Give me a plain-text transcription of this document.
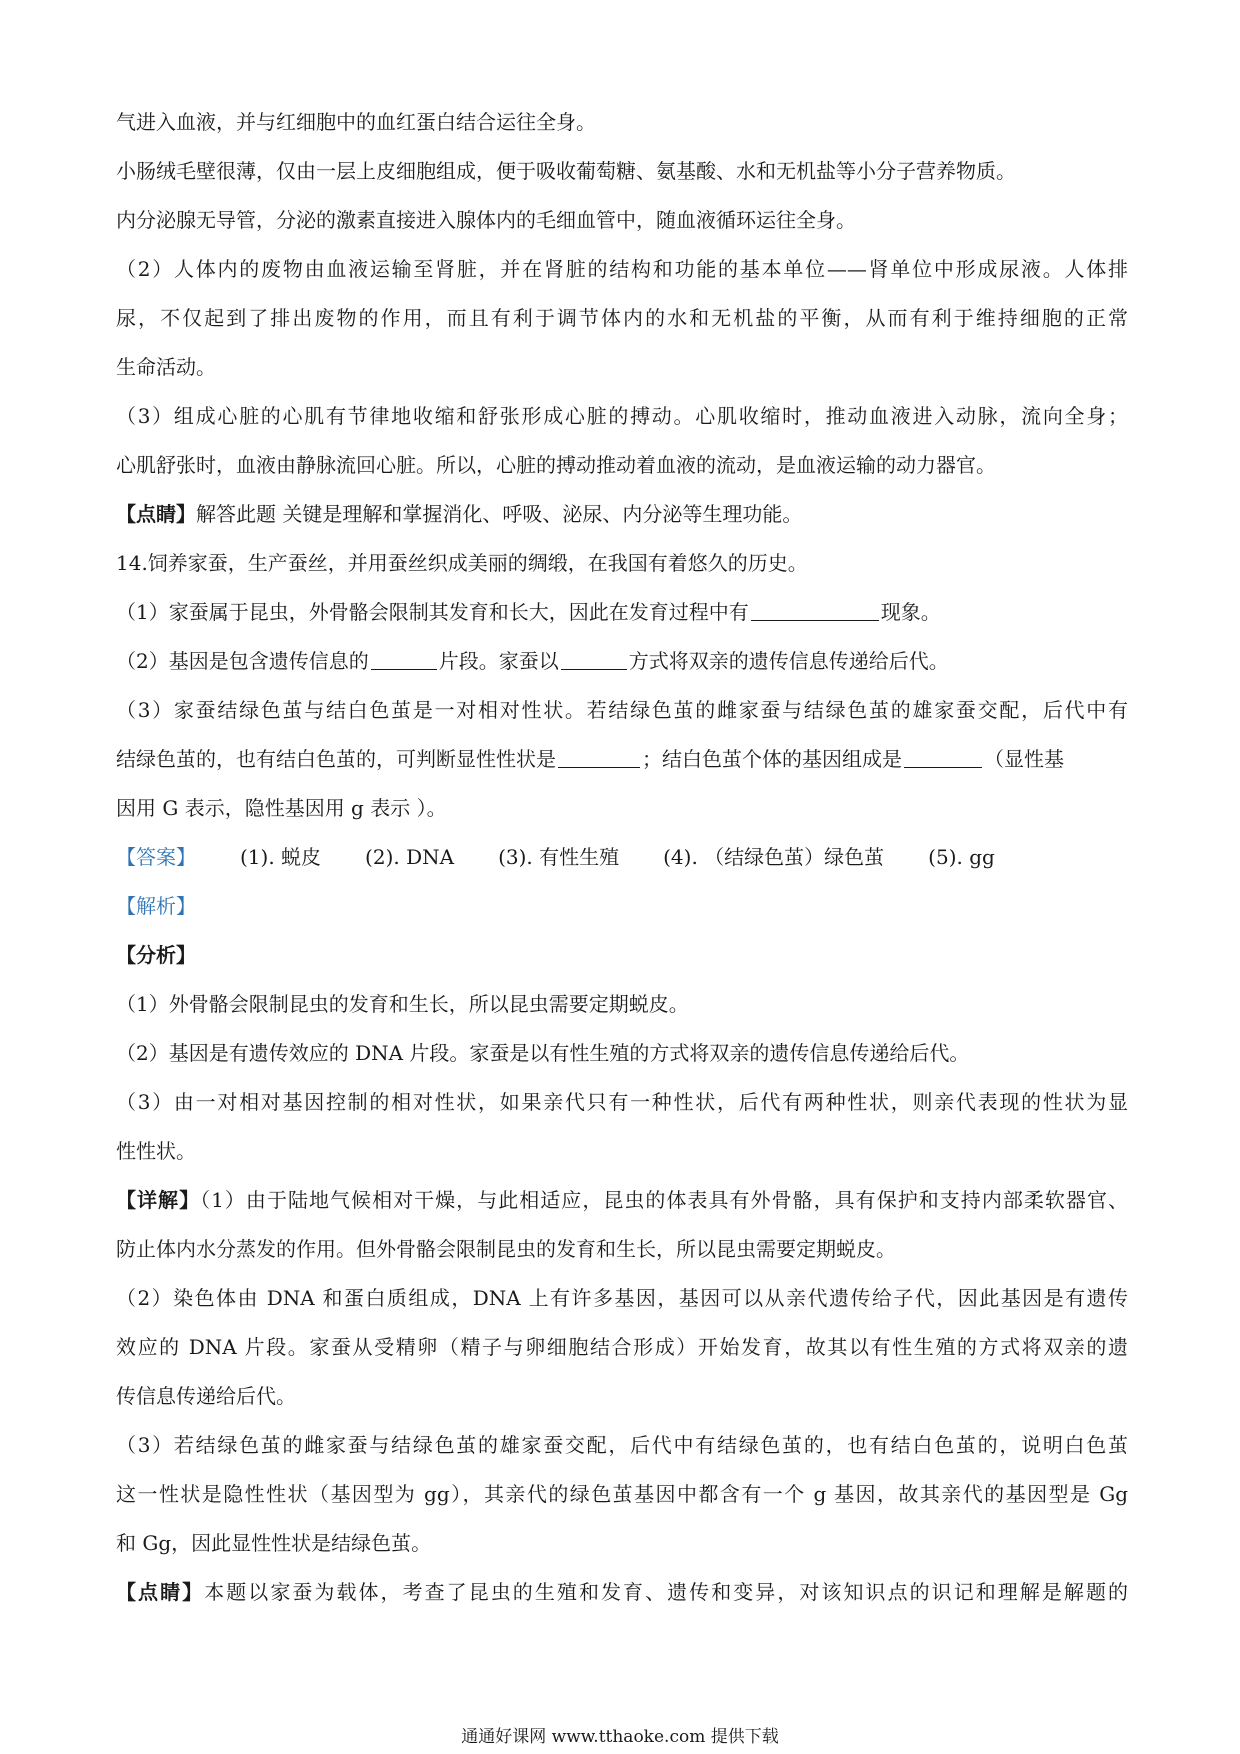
气进入血液，并与红细胞中的血红蛋白结合运往全身。
小肠绒毛壁很薄，仅由一层上皮细胞组成，便于吸收葡萄糖、氨基酸、水和无机盐等小分子营养物质。
内分泌腺无导管，分泌的激素直接进入腺体内的毛细血管中，随血液循环运往全身。
（2）人体内的废物由血液运输至肾脏，并在肾脏的结构和功能的基本单位——肾单位中形成尿液。人体排
尿，不仅起到了排出废物的作用，而且有利于调节体内的水和无机盐的平衡，从而有利于维持细胞的正常
生命活动。
（3）组成心脏的心肌有节律地收缩和舒张形成心脏的搏动。心肌收缩时，推动血液进入动脉，流向全身；
心肌舒张时，血液由静脉流回心脏。所以，心脏的搏动推动着血液的流动，是血液运输的动力器官。
【点睛】解答此题 关键是理解和掌握消化、呼吸、泌尿、内分泌等生理功能。
14.饲养家蚕，生产蚕丝，并用蚕丝织成美丽的绸缎，在我国有着悠久的历史。
（1）家蚕属于昆虫，外骨骼会限制其发育和长大，因此在发育过程中有	现象。
（2）基因是包含遗传信息的	片段。家蚕以	方式将双亲的遗传信息传递给后代。
（3）家蚕结绿色茧与结白色茧是一对相对性状。若结绿色茧的雌家蚕与结绿色茧的雄家蚕交配，后代中有
结绿色茧的，也有结白色茧的，可判断显性性状是	；结白色茧个体的基因组成是	（显性基
因用 G 表示，隐性基因用 g 表示 ）。
【答案】 (1). 蜕皮 (2). DNA (3). 有性生殖 (4). （结绿色茧）绿色茧 (5). gg
【解析】
【分析】
（1）外骨骼会限制昆虫的发育和生长，所以昆虫需要定期蜕皮。
（2）基因是有遗传效应的 DNA 片段。家蚕是以有性生殖的方式将双亲的遗传信息传递给后代。
（3）由一对相对基因控制的相对性状，如果亲代只有一种性状，后代有两种性状，则亲代表现的性状为显
性性状。
【详解】（1）由于陆地气候相对干燥，与此相适应，昆虫的体表具有外骨骼，具有保护和支持内部柔软器官、
防止体内水分蒸发的作用。但外骨骼会限制昆虫的发育和生长，所以昆虫需要定期蜕皮。
（2）染色体由 DNA 和蛋白质组成，DNA 上有许多基因，基因可以从亲代遗传给子代，因此基因是有遗传
效应的 DNA 片段。家蚕从受精卵（精子与卵细胞结合形成）开始发育，故其以有性生殖的方式将双亲的遗
传信息传递给后代。
（3）若结绿色茧的雌家蚕与结绿色茧的雄家蚕交配，后代中有结绿色茧的，也有结白色茧的，说明白色茧
这一性状是隐性性状（基因型为 gg），其亲代的绿色茧基因中都含有一个 g 基因，故其亲代的基因型是 Gg
和 Gg，因此显性性状是结绿色茧。
【点睛】本题以家蚕为载体，考查了昆虫的生殖和发育、遗传和变异，对该知识点的识记和理解是解题的
通通好课网 www.tthaoke.com 提供下载
